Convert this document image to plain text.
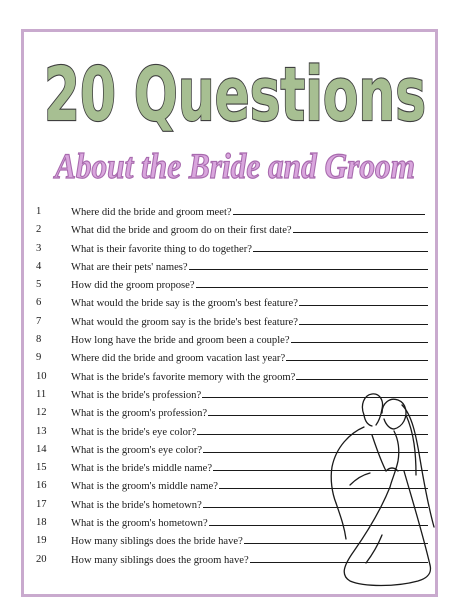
20 Questions
About the Bride and Groom
1	Where did the bride and groom meet?
2	What did the bride and groom do on their first date?
3	What is their favorite thing to do together?
4	What are their pets' names?
5	How did the groom propose?
6	What would the bride say is the groom's best feature?
7	What would the groom say is the bride's best feature?
8	How long have the bride and groom been a couple?
9	Where did the bride and groom vacation last year?
10	What is the bride's favorite memory with the groom?
11	What is the bride's profession?
12	What is the groom's profession?
13	What is the bride's eye color?
14	What is the groom's eye color?
15	What is the bride's middle name?
16	What is the groom's middle name?
17	What is the bride's hometown?
18	What is the groom's hometown?
19	How many siblings does the bride have?
20	How many siblings does the groom have?
